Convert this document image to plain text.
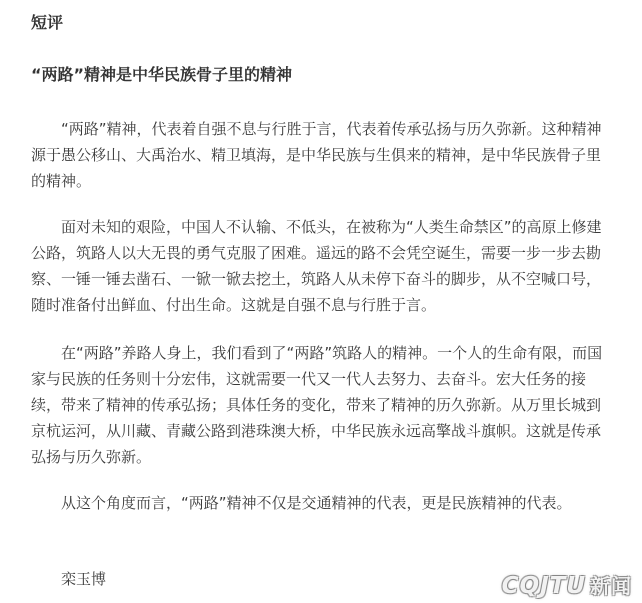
短评
“两路”精神是中华民族骨子里的精神

“两路”精神，代表着自强不息与行胜于言，代表着传承弘扬与历久弥新。这种精神源于愚公移山、大禹治水、精卫填海，是中华民族与生俱来的精神，是中华民族骨子里的精神。

面对未知的艰险，中国人不认输、不低头，在被称为“人类生命禁区”的高原上修建公路，筑路人以大无畏的勇气克服了困难。遥远的路不会凭空诞生，需要一步一步去勘察、一锤一锤去凿石、一锨一锨去挖土，筑路人从未停下奋斗的脚步，从不空喊口号，随时准备付出鲜血、付出生命。这就是自强不息与行胜于言。

在“两路”养路人身上，我们看到了“两路”筑路人的精神。一个人的生命有限，而国家与民族的任务则十分宏伟，这就需要一代又一代人去努力、去奋斗。宏大任务的接续，带来了精神的传承弘扬；具体任务的变化，带来了精神的历久弥新。从万里长城到京杭运河，从川藏、青藏公路到港珠澳大桥，中华民族永远高擎战斗旗帜。这就是传承弘扬与历久弥新。

从这个角度而言，“两路”精神不仅是交通精神的代表，更是民族精神的代表。

栾玉博	CQJTU 新闻
